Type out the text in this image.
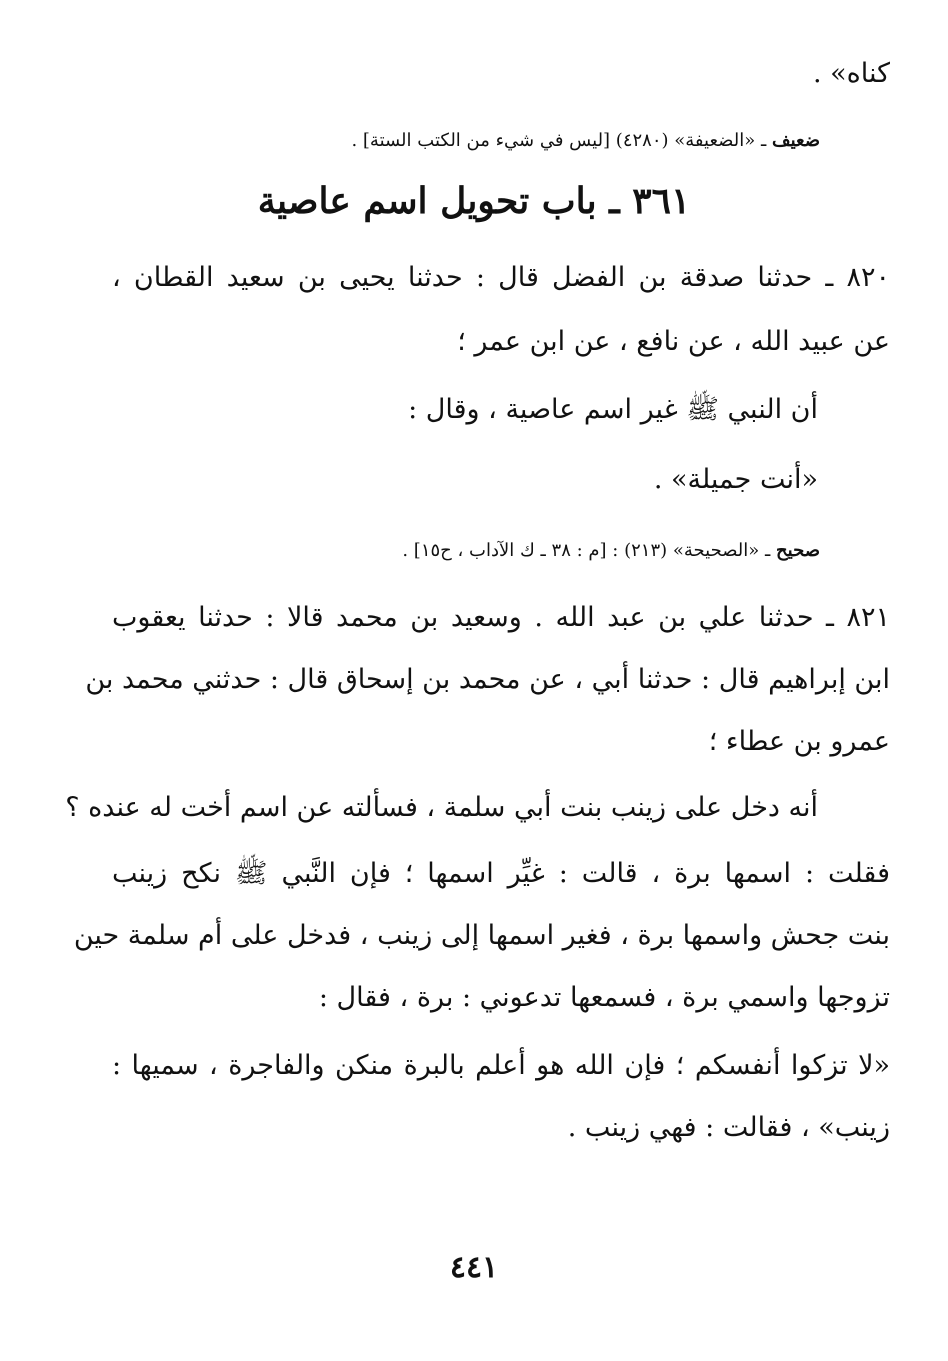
كناه» .
ضعيف ـ «الضعيفة» (٤٢٨٠) [ليس في شيء من الكتب الستة] .
٣٦١ ـ باب تحويل اسم عاصية
٨٢٠ ـ حدثنا صدقة بن الفضل قال : حدثنا يحيى بن سعيد القطان ،
عن عبيد الله ، عن نافع ، عن ابن عمر ؛
أن النبي ﷺ غير اسم عاصية ، وقال :
«أنت جميلة» .
صحيح ـ «الصحيحة» (٢١٣) : [م : ٣٨ ـ ك الآداب ، ح١٥] .
٨٢١ ـ حدثنا علي بن عبد الله . وسعيد بن محمد قالا : حدثنا يعقوب
ابن إبراهيم قال : حدثنا أبي ، عن محمد بن إسحاق قال : حدثني محمد بن
عمرو بن عطاء ؛
أنه دخل على زينب بنت أبي سلمة ، فسألته عن اسم أخت له عنده ؟
فقلت : اسمها برة ، قالت : غيِّر اسمها ؛ فإن النَّبي ﷺ نكح زينب
بنت جحش واسمها برة ، فغير اسمها إلى زينب ، فدخل على أم سلمة حين
تزوجها واسمي برة ، فسمعها تدعوني : برة ، فقال :
«لا تزكوا أنفسكم ؛ فإن الله هو أعلم بالبرة منكن والفاجرة ، سميها :
زينب» ، فقالت : فهي زينب .
٤٤١
